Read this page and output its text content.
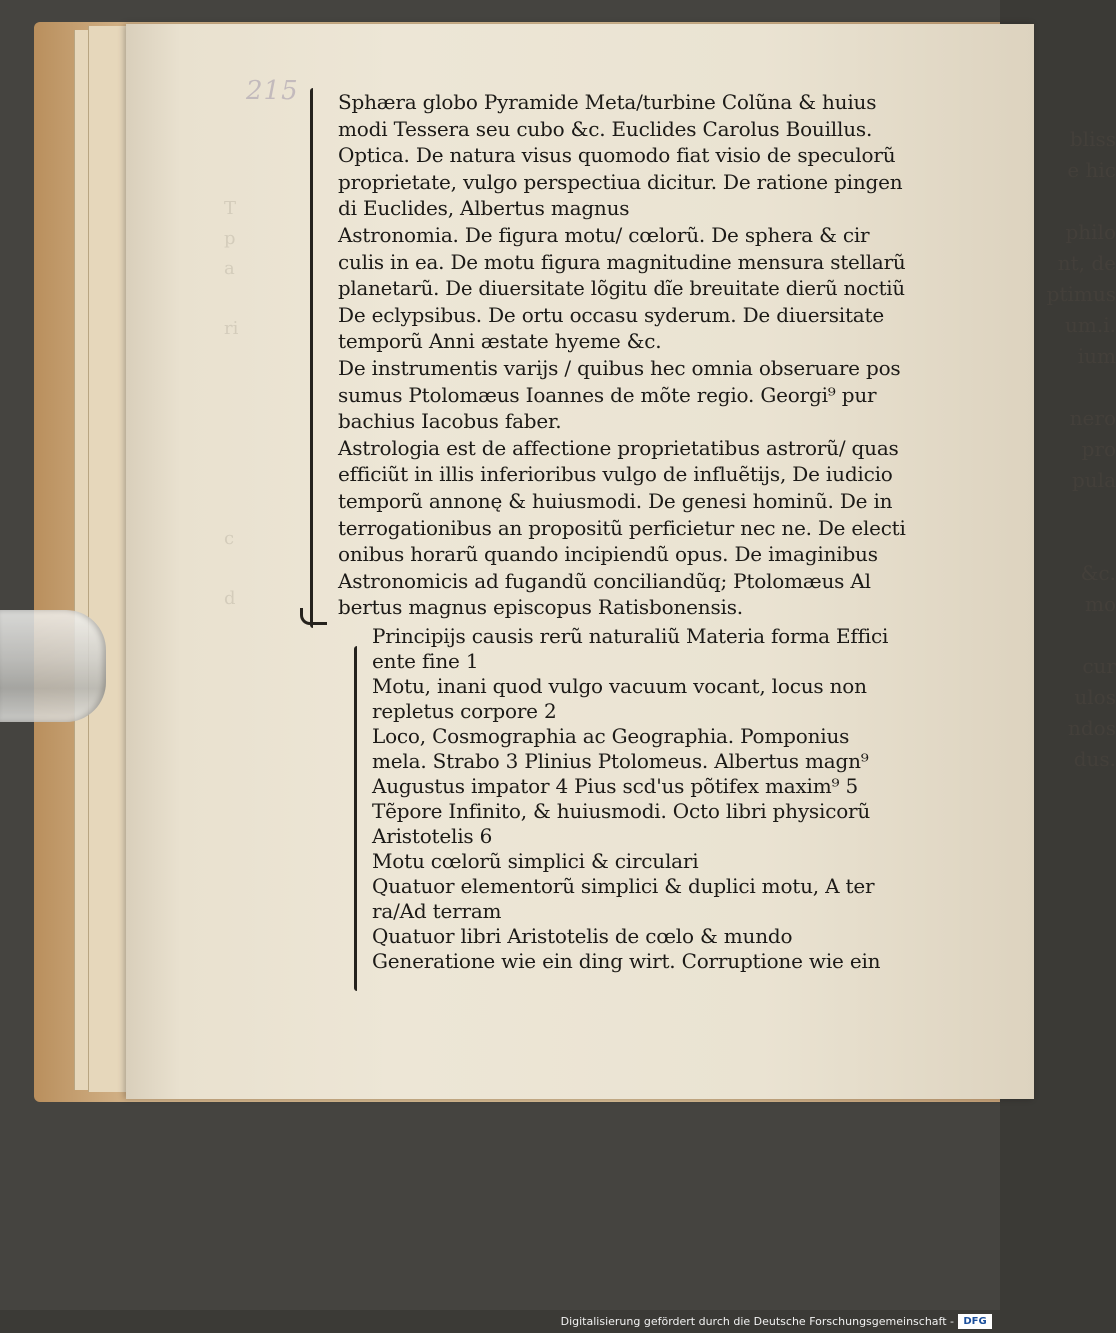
215
bliss
e hic

philo
nt, de
ptimus
um.i.
ium

nero
pro
pula

&c.
mo

cur
ulos
ndos
dus.
T
p
a

ri

c

d
Sphæra globo Pyramide Meta/turbine Colũna & huius
modi Tessera seu cubo &c. Euclides Carolus Bouillus.
Optica. De natura visus quomodo fiat visio de speculorũ
proprietate, vulgo perspectiua dicitur. De ratione pingen
di Euclides, Albertus magnus
Astronomia. De figura motu/ cœlorũ. De sphera & cir
culis in ea. De motu figura magnitudine mensura stellarũ
planetarũ. De diuersitate lõgitu dĩe breuitate dierũ noctiũ
De eclypsibus. De ortu occasu syderum. De diuersitate
temporũ Anni æstate hyeme &c.
De instrumentis varijs / quibus hec omnia obseruare pos
sumus Ptolomæus Ioannes de mõte regio. Georgi⁹ pur
bachius Iacobus faber.
Astrologia est de affectione proprietatibus astrorũ/ quas
efficiũt in illis inferioribus vulgo de influẽtijs, De iudicio
temporũ annonę & huiusmodi. De genesi hominũ. De in
terrogationibus an propositũ perficietur nec ne. De electi
onibus horarũ quando incipiendũ opus. De imaginibus
Astronomicis ad fugandũ conciliandũq; Ptolomæus Al
bertus magnus episcopus Ratisbonensis.
Principijs causis rerũ naturaliũ Materia forma Effici
ente fine 1
Motu, inani quod vulgo vacuum vocant, locus non
repletus corpore 2
Loco, Cosmographia ac Geographia. Pomponius
mela. Strabo 3 Plinius Ptolomeus. Albertus magn⁹
Augustus impator 4 Pius scd'us põtifex maxim⁹ 5
Tẽpore Infinito, & huiusmodi. Octo libri physicorũ
Aristotelis 6
Motu cœlorũ simplici & circulari
Quatuor elementorũ simplici & duplici motu, A ter
ra/Ad terram
Quatuor libri Aristotelis de cœlo & mundo
Generatione wie ein ding wirt. Corruptione wie ein
Digitalisierung gefördert durch die Deutsche Forschungsgemeinschaft - DFG
